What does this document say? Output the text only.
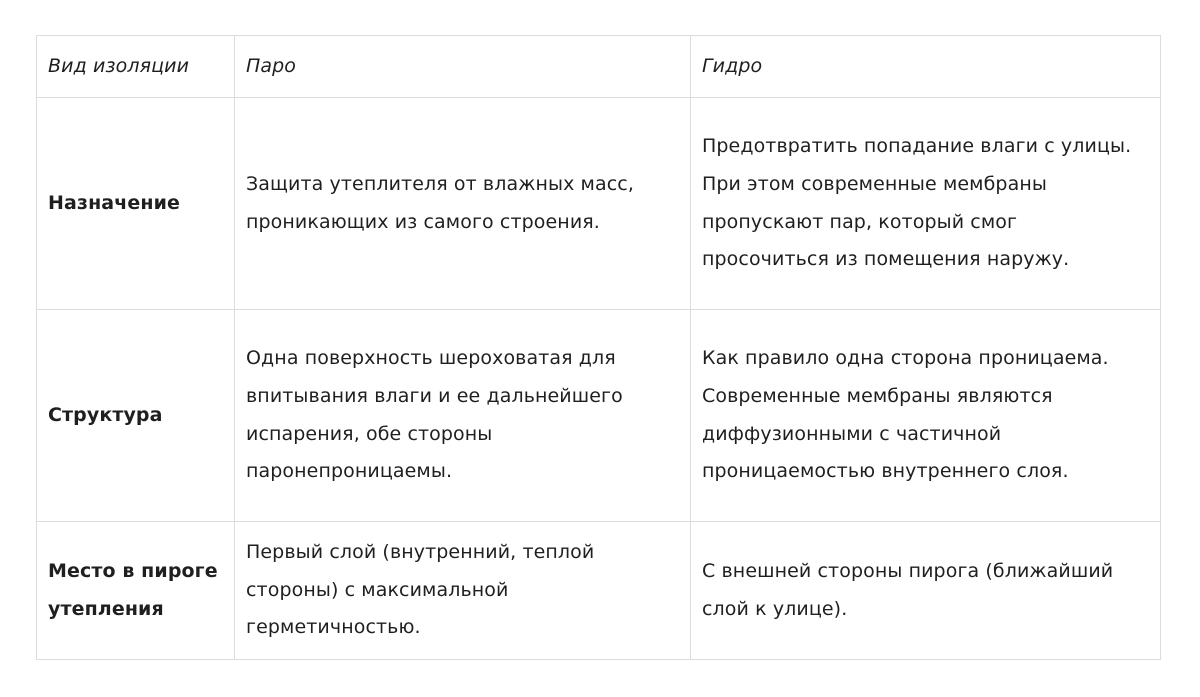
Вид изоляции	Паро	Гидро
Назначение	Защита утеплителя от влажных масс, проникающих из самого строения.	Предотвратить попадание влаги с улицы. При этом современные мембраны пропускают пар, который смог просочиться из помещения наружу.
Структура	Одна поверхность шероховатая для впитывания влаги и ее дальнейшего испарения, обе стороны паронепроницаемы.	Как правило одна сторона проницаема. Современные мембраны являются диффузионными с частичной проницаемостью внутреннего слоя.
Место в пироге утепления	Первый слой (внутренний, теплой стороны) с максимальной герметичностью.	С внешней стороны пирога (ближайший слой к улице).
